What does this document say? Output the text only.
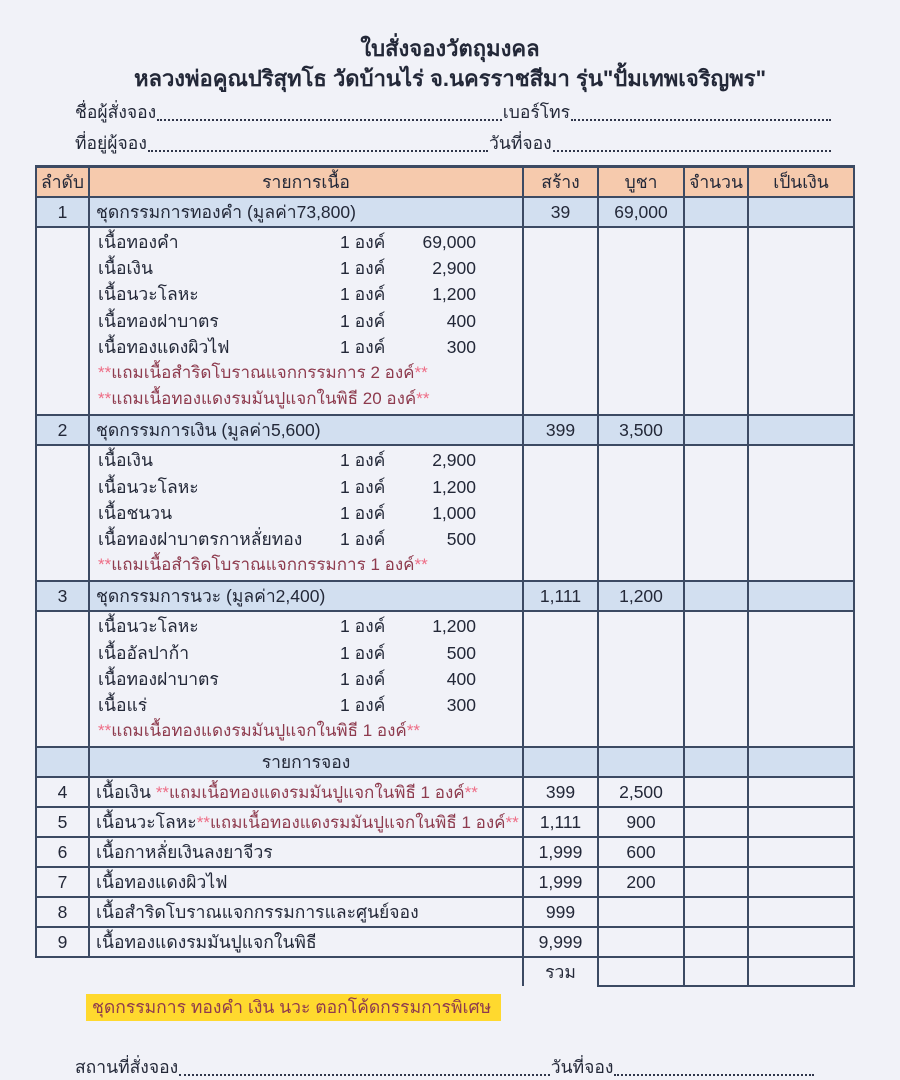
ใบสั่งจองวัตถุมงคล
หลวงพ่อคูณปริสุทโธ วัดบ้านไร่ จ.นครราชสีมา รุ่น"ปั้มเทพเจริญพร"
ชื่อผู้สั่งจอง	เบอร์โทร
ที่อยู่ผู้จอง	วันที่จอง
ลำดับ	รายการเนื้อ	สร้าง	บูชา	จำนวน	เป็นเงิน
1	ชุดกรรมการทองคำ (มูลค่า73,800)	39	69,000		

เนื้อทองคำ	1 องค์	69,000
เนื้อเงิน	1 องค์	2,900
เนื้อนวะโลหะ	1 องค์	1,200
เนื้อทองฝาบาตร	1 องค์	400
เนื้อทองแดงผิวไฟ	1 องค์	300
**แถมเนื้อสำริดโบราณแจกกรรมการ 2 องค์**
**แถมเนื้อทองแดงรมมันปูแจกในพิธี 20 องค์**

2	ชุดกรรมการเงิน (มูลค่า5,600)	399	3,500		

เนื้อเงิน	1 องค์	2,900
เนื้อนวะโลหะ	1 องค์	1,200
เนื้อชนวน	1 องค์	1,000
เนื้อทองฝาบาตรกาหลั่ยทอง	1 องค์	500
**แถมเนื้อสำริดโบราณแจกกรรมการ 1 องค์**

3	ชุดกรรมการนวะ (มูลค่า2,400)	1,111	1,200		

เนื้อนวะโลหะ	1 องค์	1,200
เนื้ออัลปาก้า	1 องค์	500
เนื้อทองฝาบาตร	1 องค์	400
เนื้อแร่	1 องค์	300
**แถมเนื้อทองแดงรมมันปูแจกในพิธี 1 องค์**

	รายการจอง				
4	เนื้อเงิน **แถมเนื้อทองแดงรมมันปูแจกในพิธี 1 องค์**	399	2,500		
5	เนื้อนวะโลหะ**แถมเนื้อทองแดงรมมันปูแจกในพิธี 1 องค์**	1,111	900		
6	เนื้อกาหลั่ยเงินลงยาจีวร	1,999	600		
7	เนื้อทองแดงผิวไฟ	1,999	200		
8	เนื้อสำริดโบราณแจกกรรมการและศูนย์จอง	999			
9	เนื้อทองแดงรมมันปูแจกในพิธี	9,999			
		รวม			
ชุดกรรมการ ทองคำ เงิน นวะ ตอกโค้ดกรรมการพิเศษ
สถานที่สั่งจอง	วันที่จอง
